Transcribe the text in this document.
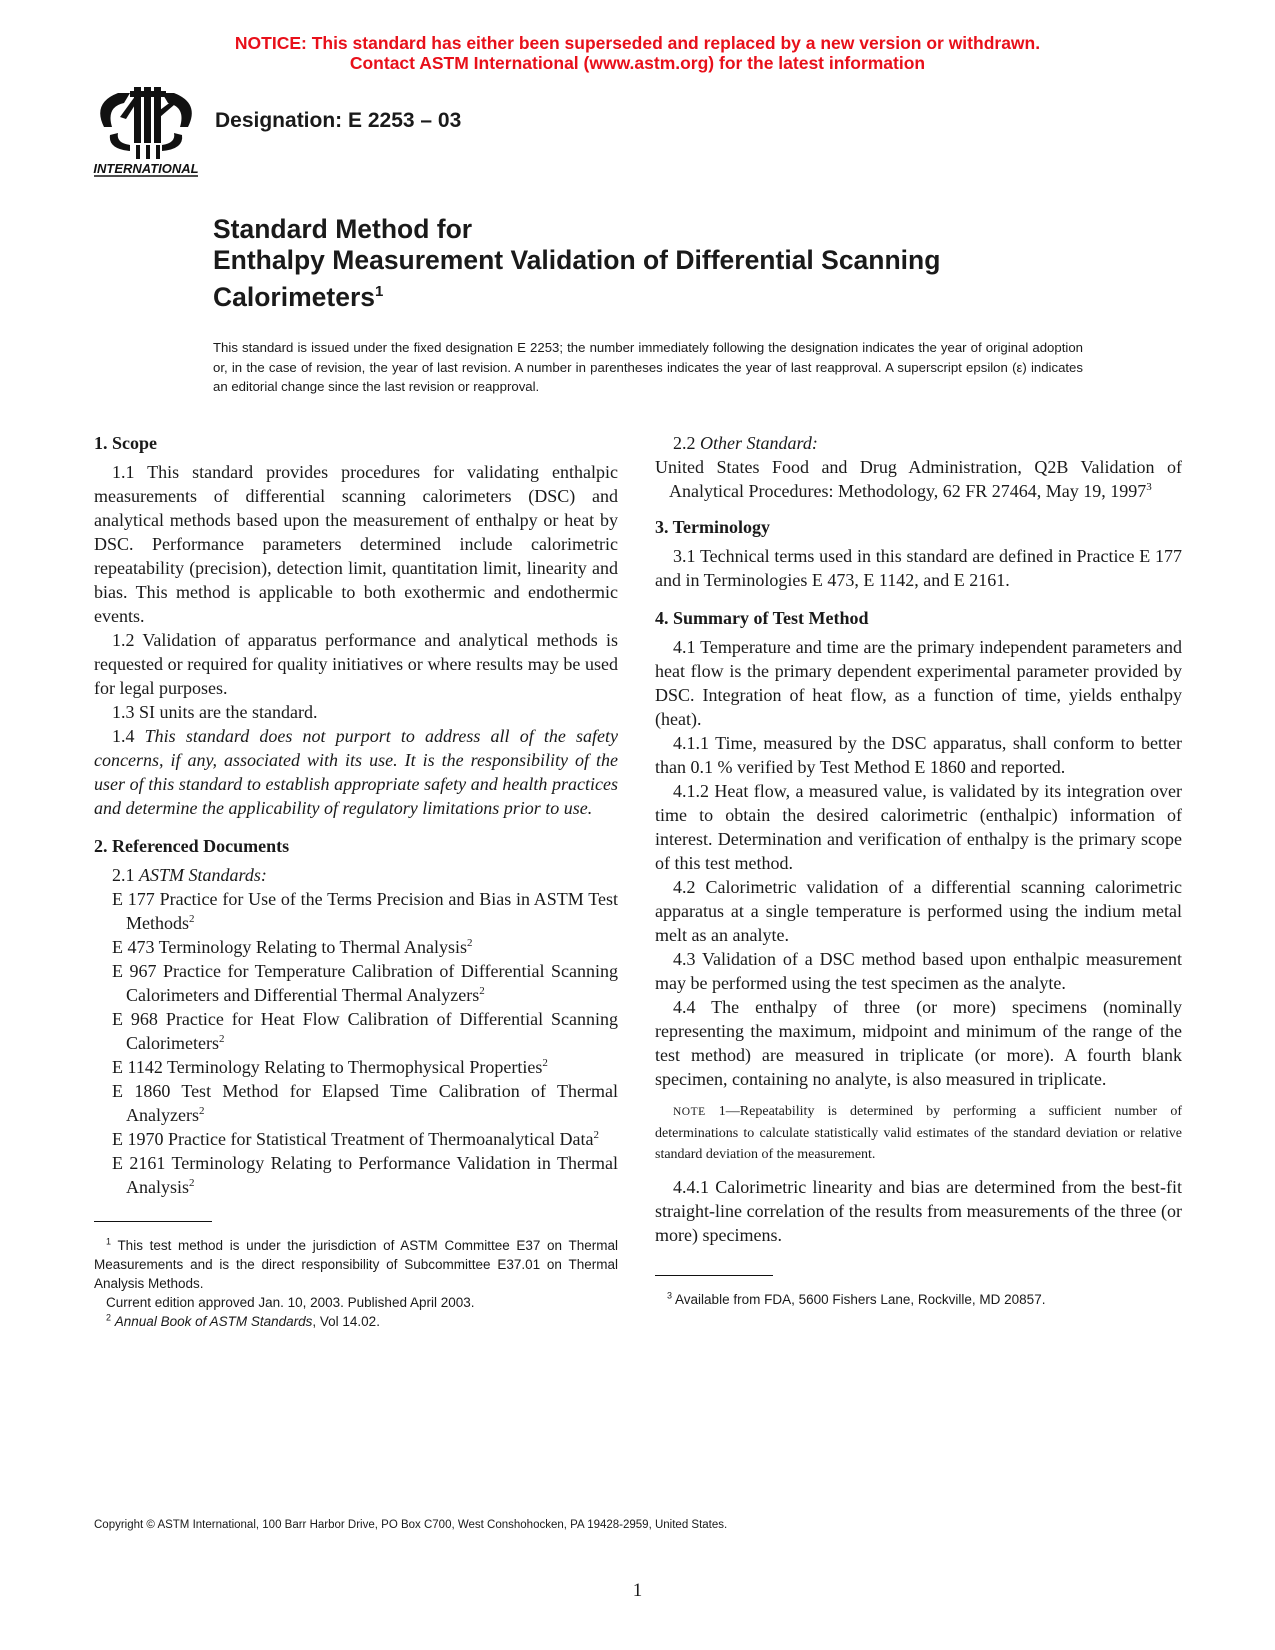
NOTICE: This standard has either been superseded and replaced by a new version or withdrawn.
Contact ASTM International (www.astm.org) for the latest information
INTERNATIONAL
Designation: E 2253 – 03
Standard Method for
Enthalpy Measurement Validation of Differential Scanning
Calorimeters$^1$
This standard is issued under the fixed designation E 2253; the number immediately following the designation indicates the year of original adoption or, in the case of revision, the year of last revision. A number in parentheses indicates the year of last reapproval. A superscript epsilon (ε) indicates an editorial change since the last revision or reapproval.

1. Scope

1.1 This standard provides procedures for validating enthalpic measurements of differential scanning calorimeters (DSC) and analytical methods based upon the measurement of enthalpy or heat by DSC. Performance parameters determined include calorimetric repeatability (precision), detection limit, quantitation limit, linearity and bias. This method is applicable to both exothermic and endothermic events.

1.2 Validation of apparatus performance and analytical methods is requested or required for quality initiatives or where results may be used for legal purposes.

1.3 SI units are the standard.

1.4 This standard does not purport to address all of the safety concerns, if any, associated with its use. It is the responsibility of the user of this standard to establish appropriate safety and health practices and determine the applicability of regulatory limitations prior to use.

2. Referenced Documents

2.1 ASTM Standards:

E 177 Practice for Use of the Terms Precision and Bias in ASTM Test Methods$^2$

E 473 Terminology Relating to Thermal Analysis$^2$

E 967 Practice for Temperature Calibration of Differential Scanning Calorimeters and Differential Thermal Analyzers$^2$

E 968 Practice for Heat Flow Calibration of Differential Scanning Calorimeters$^2$

E 1142 Terminology Relating to Thermophysical Properties$^2$

E 1860 Test Method for Elapsed Time Calibration of Thermal Analyzers$^2$

E 1970 Practice for Statistical Treatment of Thermoanalytical Data$^2$

E 2161 Terminology Relating to Performance Validation in Thermal Analysis$^2$

$^1$ This test method is under the jurisdiction of ASTM Committee E37 on Thermal Measurements and is the direct responsibility of Subcommittee E37.01 on Thermal Analysis Methods.

Current edition approved Jan. 10, 2003. Published April 2003.

$^2$ Annual Book of ASTM Standards, Vol 14.02.

2.2 Other Standard:

United States Food and Drug Administration, Q2B Validation of Analytical Procedures: Methodology, 62 FR 27464, May 19, 1997$^3$

3. Terminology

3.1 Technical terms used in this standard are defined in Practice E 177 and in Terminologies E 473, E 1142, and E 2161.

4. Summary of Test Method

4.1 Temperature and time are the primary independent parameters and heat flow is the primary dependent experimental parameter provided by DSC. Integration of heat flow, as a function of time, yields enthalpy (heat).

4.1.1 Time, measured by the DSC apparatus, shall conform to better than 0.1 % verified by Test Method E 1860 and reported.

4.1.2 Heat flow, a measured value, is validated by its integration over time to obtain the desired calorimetric (enthalpic) information of interest. Determination and verification of enthalpy is the primary scope of this test method.

4.2 Calorimetric validation of a differential scanning calorimetric apparatus at a single temperature is performed using the indium metal melt as an analyte.

4.3 Validation of a DSC method based upon enthalpic measurement may be performed using the test specimen as the analyte.

4.4 The enthalpy of three (or more) specimens (nominally representing the maximum, midpoint and minimum of the range of the test method) are measured in triplicate (or more). A fourth blank specimen, containing no analyte, is also measured in triplicate.

NOTE 1—Repeatability is determined by performing a sufficient number of determinations to calculate statistically valid estimates of the standard deviation or relative standard deviation of the measurement.

4.4.1 Calorimetric linearity and bias are determined from the best-fit straight-line correlation of the results from measurements of the three (or more) specimens.

$^3$ Available from FDA, 5600 Fishers Lane, Rockville, MD 20857.

Copyright © ASTM International, 100 Barr Harbor Drive, PO Box C700, West Conshohocken, PA 19428-2959, United States.
1
